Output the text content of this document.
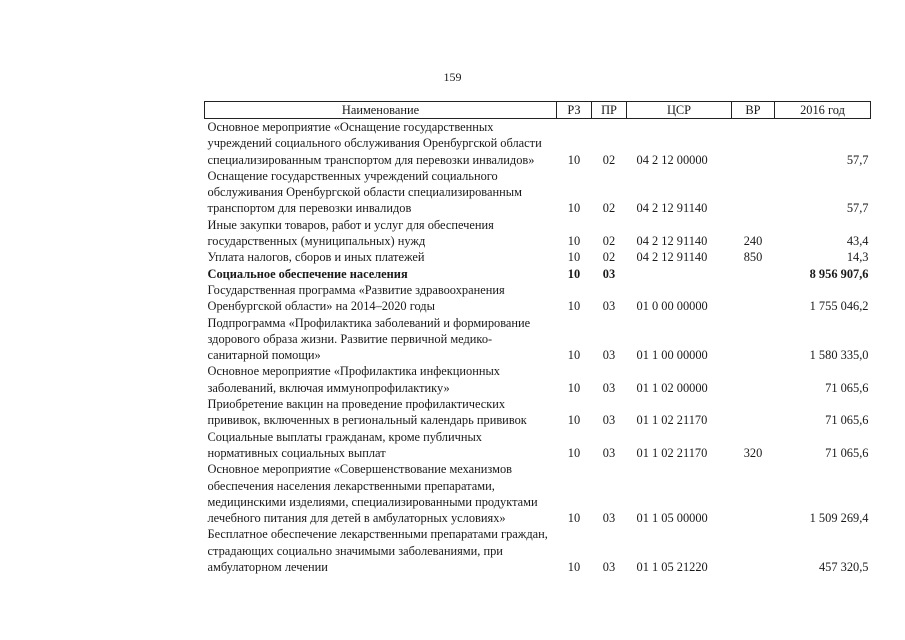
159
Наименование	РЗ	ПР	ЦСР	ВР	2016 год
Основное мероприятие «Оснащение государственных учреждений социального обслуживания Оренбургской области специализированным транспортом для перевозки инвалидов»	10	02	04 2 12 00000		57,7
Оснащение государственных учреждений социального обслуживания Оренбургской области специализированным транспортом для перевозки инвалидов	10	02	04 2 12 91140		57,7
Иные закупки товаров, работ и услуг для обеспечения государственных (муниципальных) нужд	10	02	04 2 12 91140	240	43,4
Уплата налогов, сборов и иных платежей	10	02	04 2 12 91140	850	14,3
Социальное обеспечение населения	10	03			8 956 907,6
Государственная программа «Развитие здравоохранения Оренбургской области» на 2014–2020 годы	10	03	01 0 00 00000		1 755 046,2
Подпрограмма «Профилактика заболеваний и формирование здорового образа жизни. Развитие первичной медико-санитарной помощи»	10	03	01 1 00 00000		1 580 335,0
Основное мероприятие «Профилактика инфекционных заболеваний, включая иммунопрофилактику»	10	03	01 1 02 00000		71 065,6
Приобретение вакцин на проведение профилактических прививок, включенных в региональный календарь прививок	10	03	01 1 02 21170		71 065,6
Социальные выплаты гражданам, кроме публичных нормативных социальных выплат	10	03	01 1 02 21170	320	71 065,6
Основное мероприятие «Совершенствование механизмов обеспечения населения лекарственными препаратами, медицинскими изделиями, специализированными продуктами лечебного питания для детей в амбулаторных условиях»	10	03	01 1 05 00000		1 509 269,4
Бесплатное обеспечение лекарственными препаратами граждан, страдающих социально значимыми заболеваниями, при амбулаторном лечении	10	03	01 1 05 21220		457 320,5
